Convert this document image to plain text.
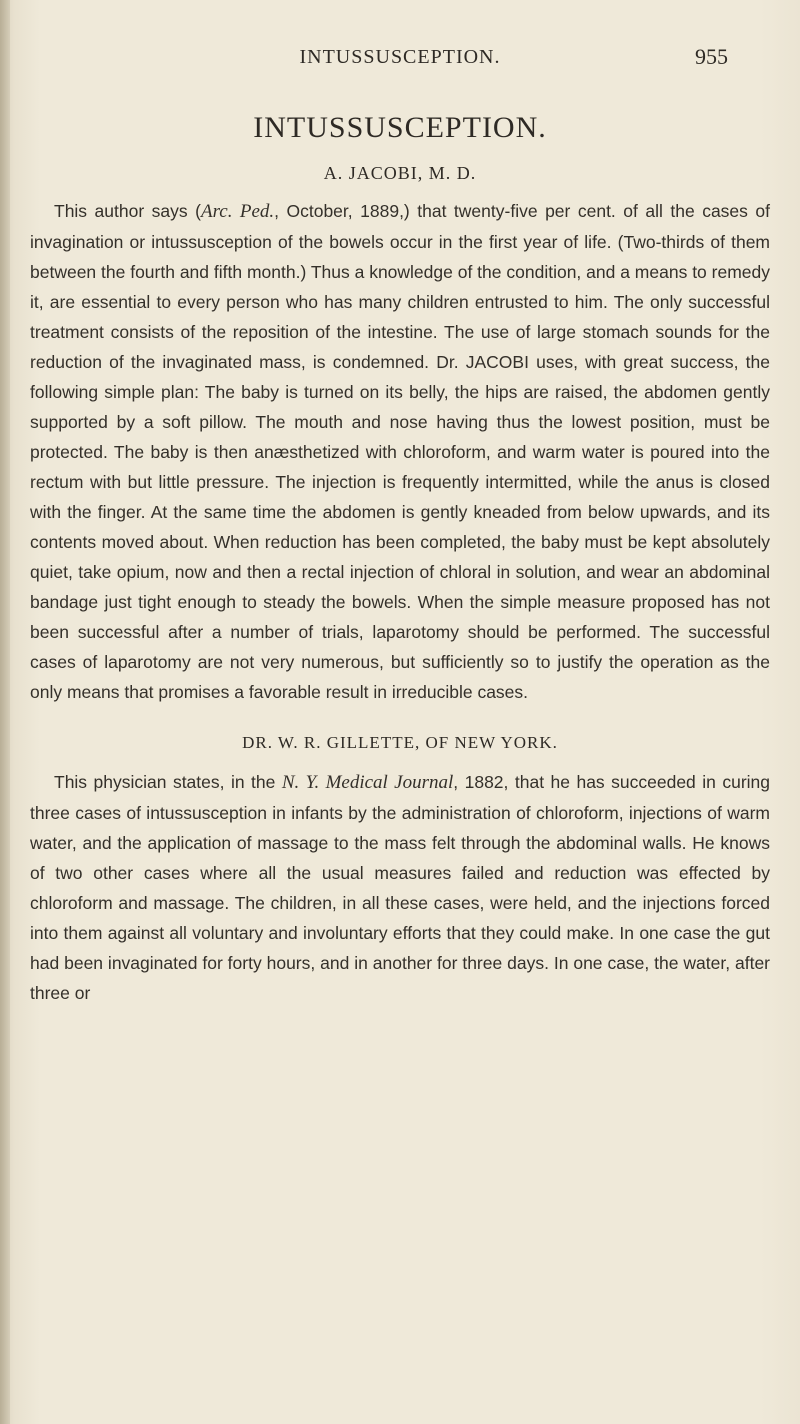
INTUSSUSCEPTION.	955
INTUSSUSCEPTION.
A. JACOBI, M. D.

This author says (Arc. Ped., October, 1889,) that twenty-five per cent. of all the cases of invagination or intussusception of the bowels occur in the first year of life. (Two-thirds of them between the fourth and fifth month.) Thus a knowledge of the condition, and a means to remedy it, are essential to every person who has many children entrusted to him. The only successful treatment consists of the reposition of the intestine. The use of large stomach sounds for the reduction of the invaginated mass, is condemned. Dr. JACOBI uses, with great success, the following simple plan: The baby is turned on its belly, the hips are raised, the abdomen gently supported by a soft pillow. The mouth and nose having thus the lowest position, must be protected. The baby is then anæsthetized with chloroform, and warm water is poured into the rectum with but little pressure. The injection is frequently intermitted, while the anus is closed with the finger. At the same time the abdomen is gently kneaded from below upwards, and its contents moved about. When reduction has been completed, the baby must be kept absolutely quiet, take opium, now and then a rectal injection of chloral in solution, and wear an abdominal bandage just tight enough to steady the bowels. When the simple measure proposed has not been successful after a number of trials, laparotomy should be performed. The successful cases of laparotomy are not very numerous, but sufficiently so to justify the operation as the only means that promises a favorable result in irreducible cases.

DR. W. R. GILLETTE, OF NEW YORK.

This physician states, in the N. Y. Medical Journal, 1882, that he has succeeded in curing three cases of intussusception in infants by the administration of chloroform, injections of warm water, and the application of massage to the mass felt through the abdominal walls. He knows of two other cases where all the usual measures failed and reduction was effected by chloroform and massage. The children, in all these cases, were held, and the injections forced into them against all voluntary and involuntary efforts that they could make. In one case the gut had been invaginated for forty hours, and in another for three days. In one case, the water, after three or
